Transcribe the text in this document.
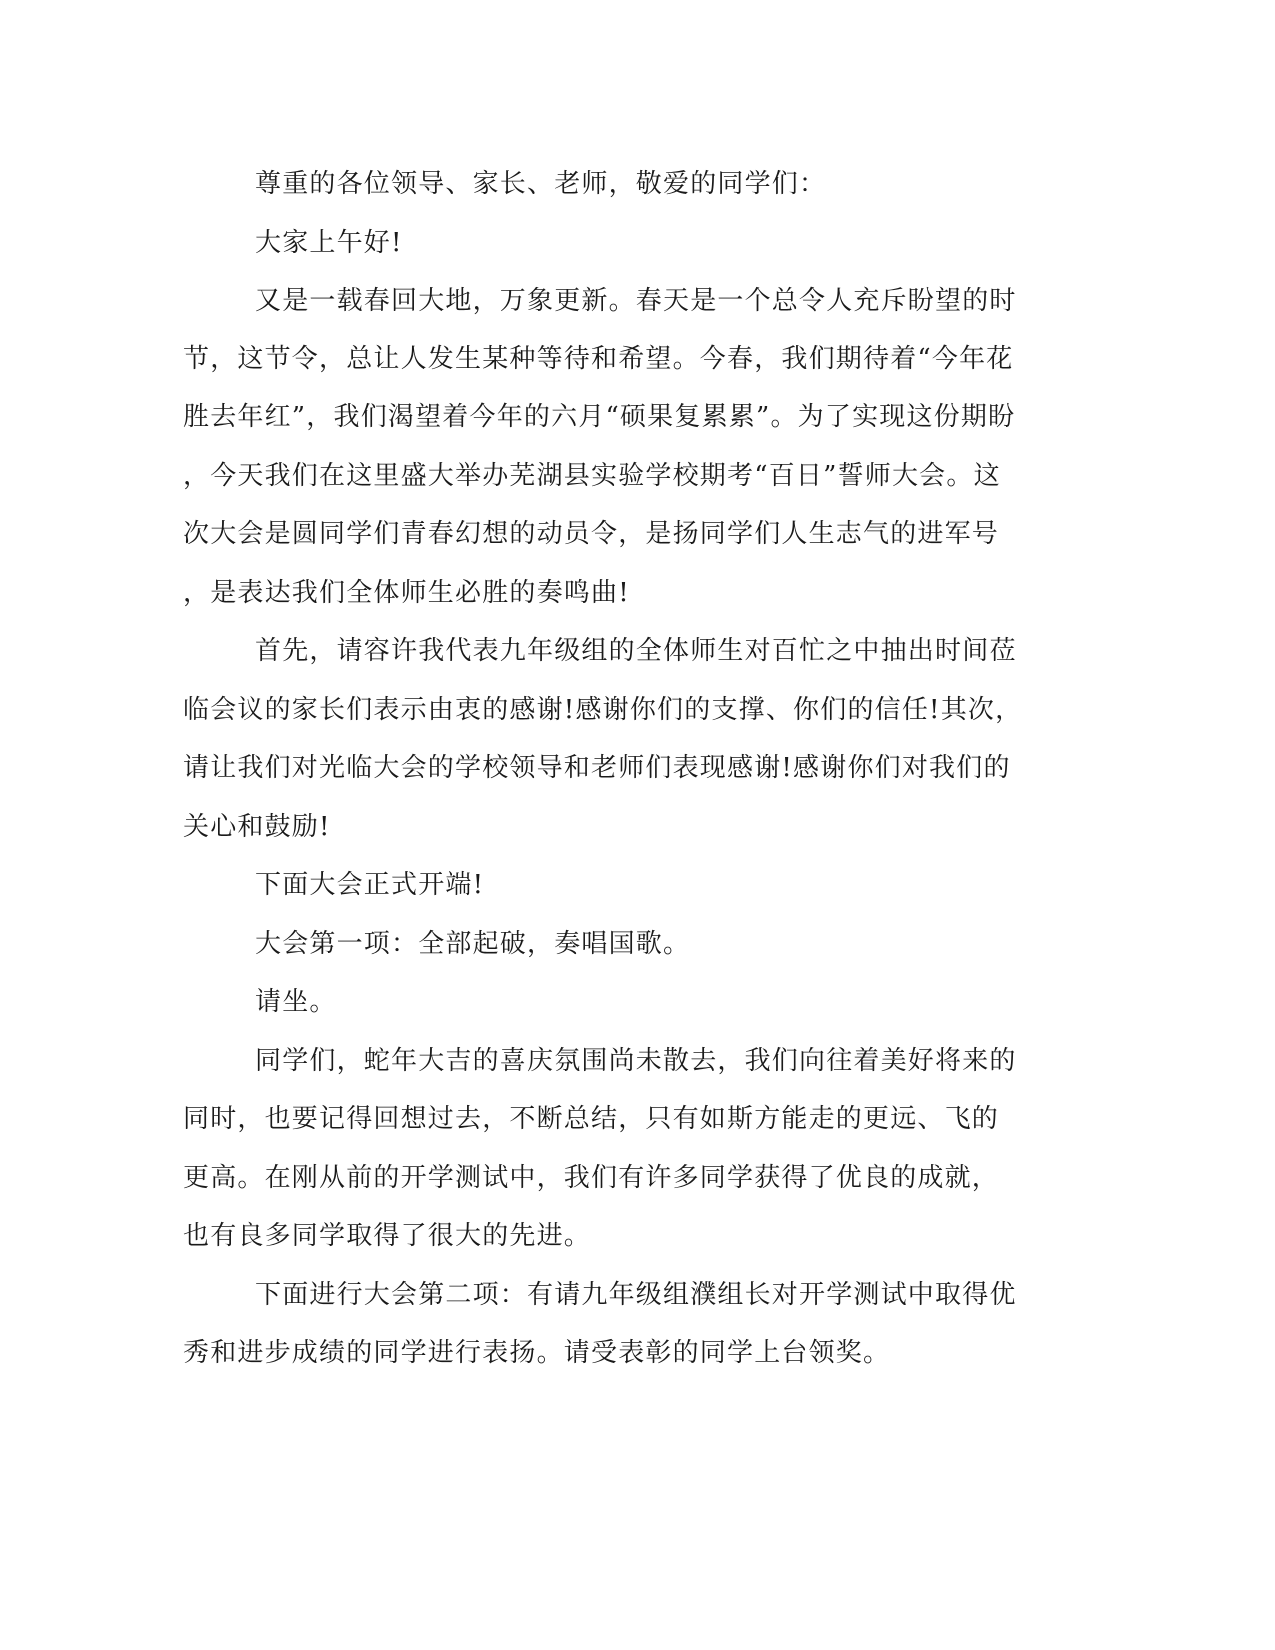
尊重的各位领导、家长、老师，敬爱的同学们：

大家上午好!

又是一载春回大地，万象更新。春天是一个总令人充斥盼望的时

节，这节令，总让人发生某种等待和希望。今春，我们期待着“今年花

胜去年红”，我们渴望着今年的六月“硕果复累累”。为了实现这份期盼

，今天我们在这里盛大举办芜湖县实验学校期考“百日”誓师大会。这

次大会是圆同学们青春幻想的动员令，是扬同学们人生志气的进军号

，是表达我们全体师生必胜的奏鸣曲!

首先，请容许我代表九年级组的全体师生对百忙之中抽出时间莅

临会议的家长们表示由衷的感谢!感谢你们的支撑、你们的信任!其次，

请让我们对光临大会的学校领导和老师们表现感谢!感谢你们对我们的

关心和鼓励!

下面大会正式开端!

大会第一项：全部起破，奏唱国歌。

请坐。

同学们，蛇年大吉的喜庆氛围尚未散去，我们向往着美好将来的

同时，也要记得回想过去，不断总结，只有如斯方能走的更远、飞的

更高。在刚从前的开学测试中，我们有许多同学获得了优良的成就，

也有良多同学取得了很大的先进。

下面进行大会第二项：有请九年级组濮组长对开学测试中取得优

秀和进步成绩的同学进行表扬。请受表彰的同学上台领奖。
